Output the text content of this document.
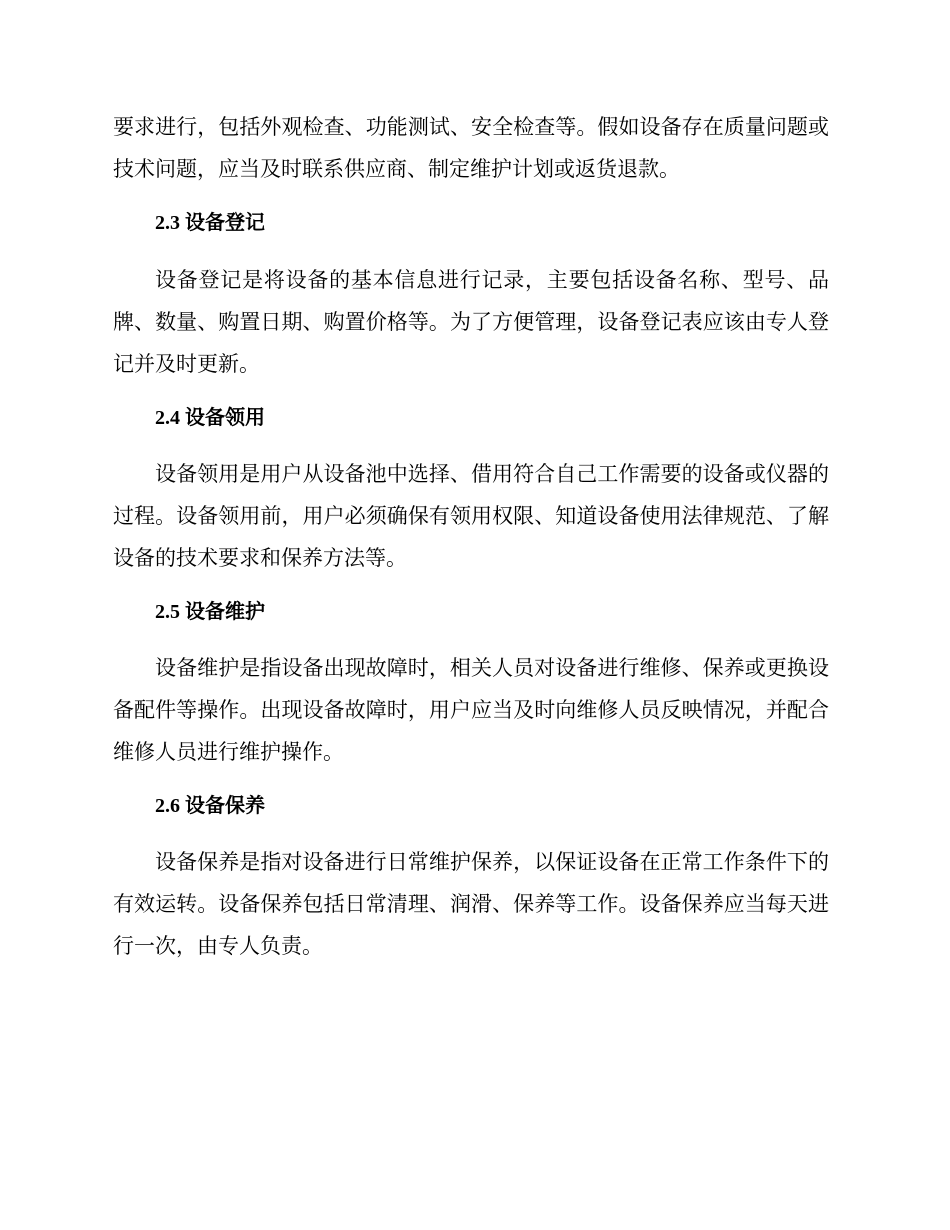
要求进行，包括外观检查、功能测试、安全检查等。假如设备存在质量问题或技术问题，应当及时联系供应商、制定维护计划或返货退款。

2.3 设备登记

设备登记是将设备的基本信息进行记录，主要包括设备名称、型号、品牌、数量、购置日期、购置价格等。为了方便管理，设备登记表应该由专人登记并及时更新。

2.4 设备领用

设备领用是用户从设备池中选择、借用符合自己工作需要的设备或仪器的过程。设备领用前，用户必须确保有领用权限、知道设备使用法律规范、了解设备的技术要求和保养方法等。

2.5 设备维护

设备维护是指设备出现故障时，相关人员对设备进行维修、保养或更换设备配件等操作。出现设备故障时，用户应当及时向维修人员反映情况，并配合维修人员进行维护操作。

2.6 设备保养

设备保养是指对设备进行日常维护保养，以保证设备在正常工作条件下的有效运转。设备保养包括日常清理、润滑、保养等工作。设备保养应当每天进行一次，由专人负责。
